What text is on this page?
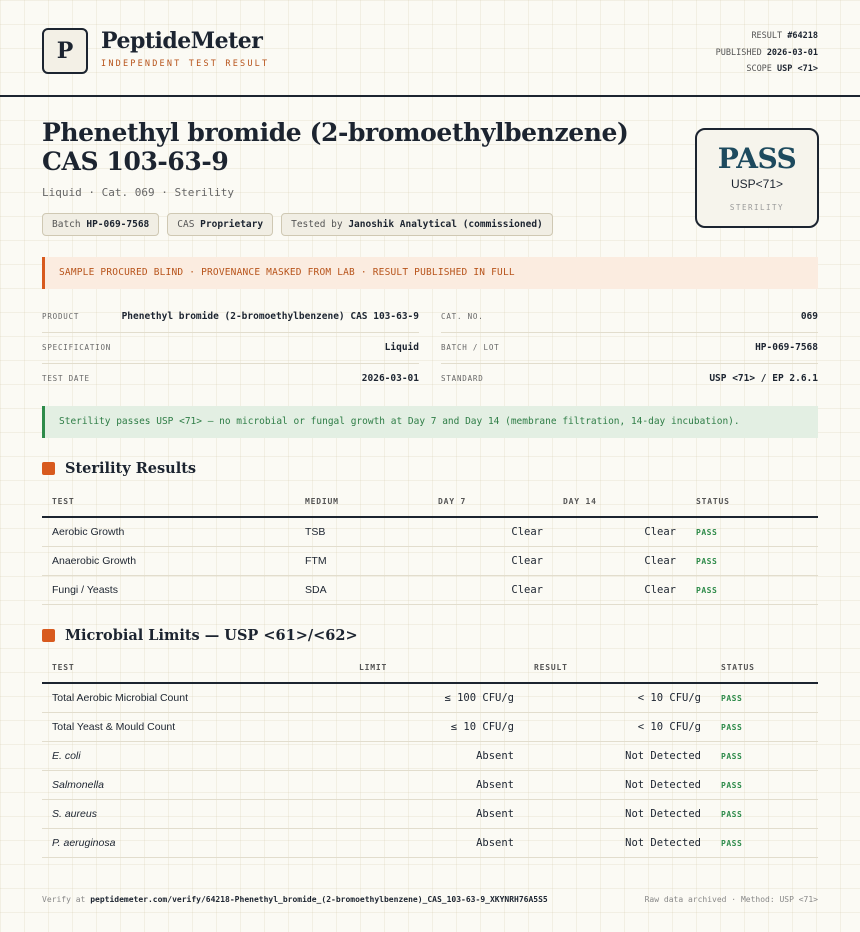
P	PeptideMeter
INDEPENDENT TEST RESULT
RESULT #64218
PUBLISHED 2026-03-01
SCOPE USP <71>
Phenethyl bromide (2-bromoethylbenzene)
CAS 103-63-9
Liquid · Cat. 069 · Sterility
Batch HP-069-7568	CAS Proprietary	Tested by Janoshik Analytical (commissioned)
PASS
USP<71>
STERILITY
SAMPLE PROCURED BLIND · PROVENANCE MASKED FROM LAB · RESULT PUBLISHED IN FULL
PRODUCT	Phenethyl bromide (2-bromoethylbenzene) CAS 103-63-9
SPECIFICATION	Liquid
TEST DATE	2026-03-01
CAT. NO.	069
BATCH / LOT	HP-069-7568
STANDARD	USP <71> / EP 2.6.1
Sterility passes USP <71> — no microbial or fungal growth at Day 7 and Day 14 (membrane filtration, 14-day incubation).
Sterility Results
TEST	MEDIUM	DAY 7	DAY 14	STATUS
Aerobic Growth	TSB	Clear	Clear	PASS
Anaerobic Growth	FTM	Clear	Clear	PASS
Fungi / Yeasts	SDA	Clear	Clear	PASS
Microbial Limits — USP <61>/<62>
TEST	LIMIT	RESULT	STATUS
Total Aerobic Microbial Count	≤ 100 CFU/g	< 10 CFU/g	PASS
Total Yeast & Mould Count	≤ 10 CFU/g	< 10 CFU/g	PASS
E. coli	Absent	Not Detected	PASS
Salmonella	Absent	Not Detected	PASS
S. aureus	Absent	Not Detected	PASS
P. aeruginosa	Absent	Not Detected	PASS
Verify at peptidemeter.com/verify/64218-Phenethyl_bromide_(2-bromoethylbenzene)_CAS_103-63-9_XKYNRH76A5S5	Raw data archived · Method: USP <71>
